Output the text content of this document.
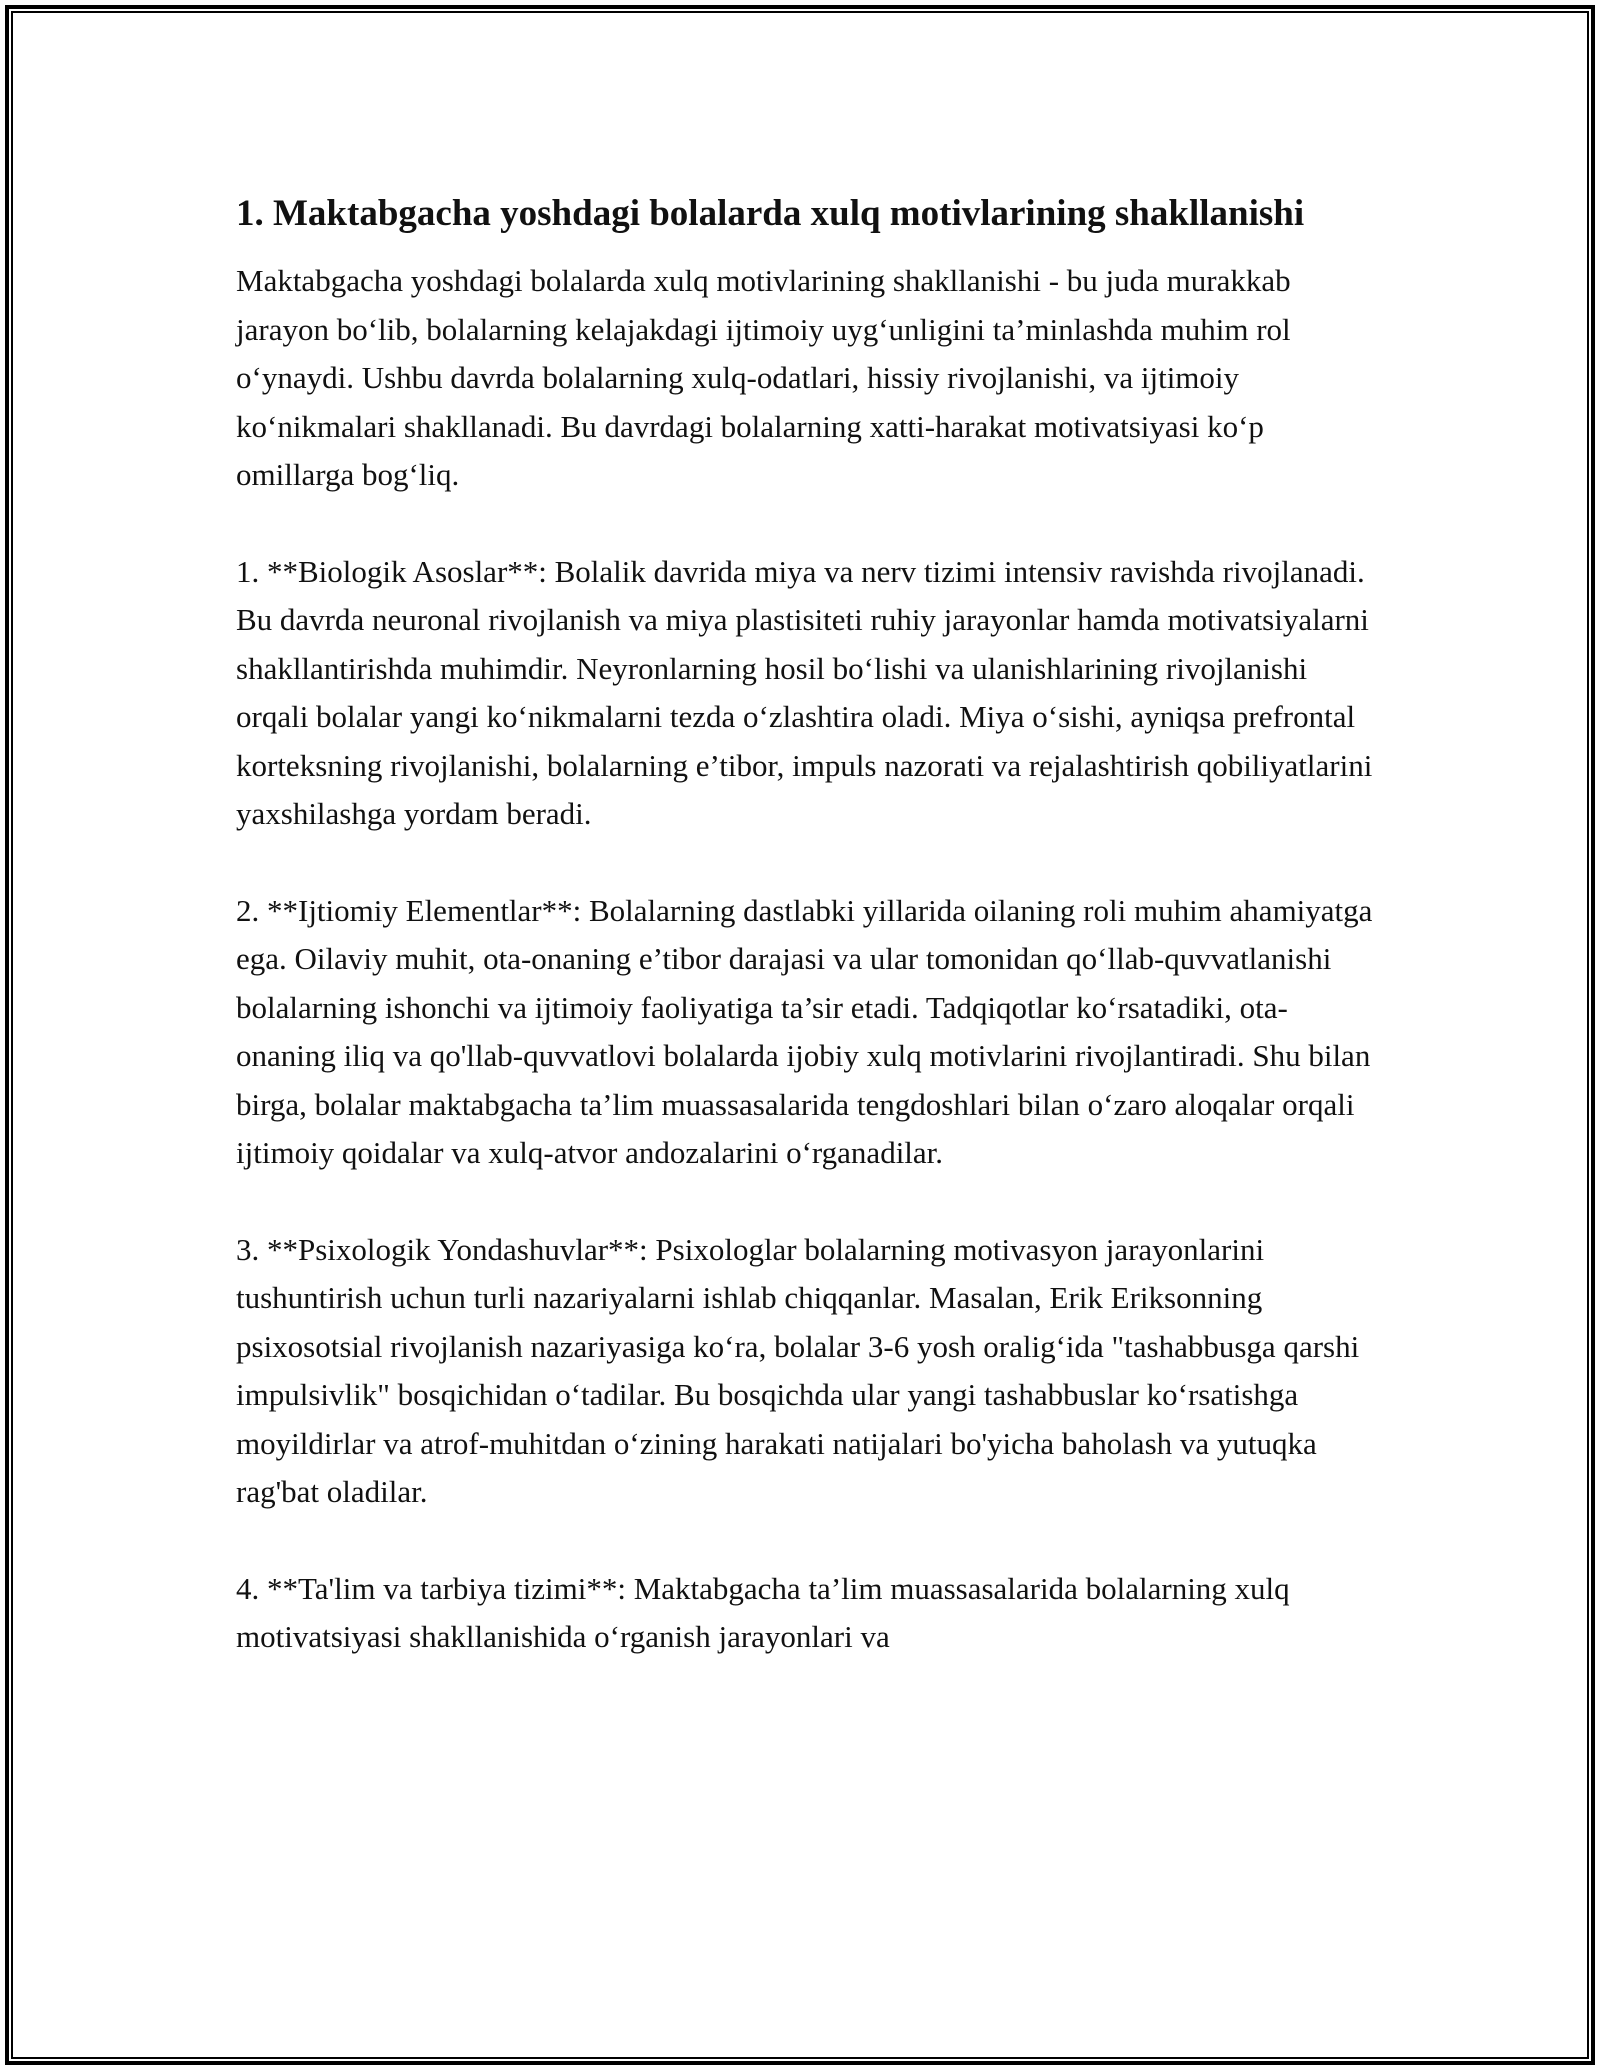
1. Maktabgacha yoshdagi bolalarda xulq motivlarining shakllanishi

Maktabgacha yoshdagi bolalarda xulq motivlarining shakllanishi - bu juda murakkab jarayon bo‘lib, bolalarning kelajakdagi ijtimoiy uyg‘unligini ta’minlashda muhim rol o‘ynaydi. Ushbu davrda bolalarning xulq-odatlari, hissiy rivojlanishi, va ijtimoiy ko‘nikmalari shakllanadi. Bu davrdagi bolalarning xatti-harakat motivatsiyasi ko‘p omillarga bog‘liq.

1. **Biologik Asoslar**: Bolalik davrida miya va nerv tizimi intensiv ravishda rivojlanadi. Bu davrda neuronal rivojlanish va miya plastisiteti ruhiy jarayonlar hamda motivatsiyalarni shakllantirishda muhimdir. Neyronlarning hosil bo‘lishi va ulanishlarining rivojlanishi orqali bolalar yangi ko‘nikmalarni tezda o‘zlashtira oladi. Miya o‘sishi, ayniqsa prefrontal korteksning rivojlanishi, bolalarning e’tibor, impuls nazorati va rejalashtirish qobiliyatlarini yaxshilashga yordam beradi.

2. **Ijtiomiy Elementlar**: Bolalarning dastlabki yillarida oilaning roli muhim ahamiyatga ega. Oilaviy muhit, ota-onaning e’tibor darajasi va ular tomonidan qo‘llab-quvvatlanishi bolalarning ishonchi va ijtimoiy faoliyatiga ta’sir etadi. Tadqiqotlar ko‘rsatadiki, ota-onaning iliq va qo'llab-quvvatlovi bolalarda ijobiy xulq motivlarini rivojlantiradi. Shu bilan birga, bolalar maktabgacha ta’lim muassasalarida tengdoshlari bilan o‘zaro aloqalar orqali ijtimoiy qoidalar va xulq-atvor andozalarini o‘rganadilar.

3. **Psixologik Yondashuvlar**: Psixologlar bolalarning motivasyon jarayonlarini tushuntirish uchun turli nazariyalarni ishlab chiqqanlar. Masalan, Erik Eriksonning psixosotsial rivojlanish nazariyasiga ko‘ra, bolalar 3-6 yosh oralig‘ida "tashabbusga qarshi impulsivlik" bosqichidan o‘tadilar. Bu bosqichda ular yangi tashabbuslar ko‘rsatishga moyildirlar va atrof-muhitdan o‘zining harakati natijalari bo'yicha baholash va yutuqka rag'bat oladilar.

4. **Ta'lim va tarbiya tizimi**: Maktabgacha ta’lim muassasalarida bolalarning xulq motivatsiyasi shakllanishida o‘rganish jarayonlari va
